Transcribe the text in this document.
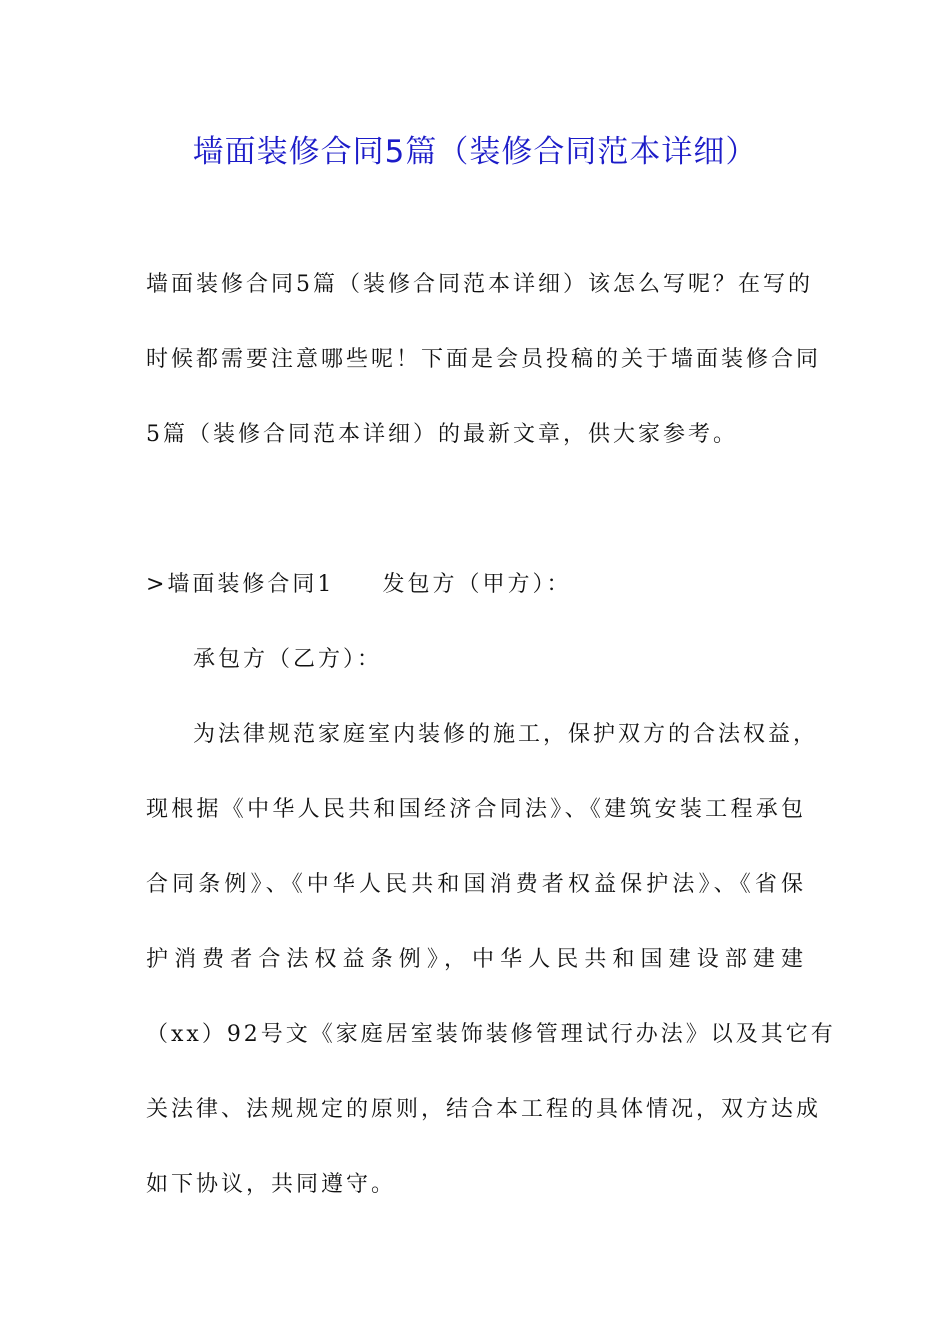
墙面装修合同5篇（装修合同范本详细）
墙面装修合同5篇（装修合同范本详细）该怎么写呢？在写的
时候都需要注意哪些呢！下面是会员投稿的关于墙面装修合同
5篇（装修合同范本详细）的最新文章，供大家参考。
>墙面装修合同1 发包方（甲方）：
承包方（乙方）：
为法律规范家庭室内装修的施工，保护双方的合法权益，
现根据《中华人民共和国经济合同法》、《建筑安装工程承包
合同条例》、《中华人民共和国消费者权益保护法》、《省保
护消费者合法权益条例》，中华人民共和国建设部建建
（xx）92号文《家庭居室装饰装修管理试行办法》以及其它有
关法律、法规规定的原则，结合本工程的具体情况，双方达成
如下协议，共同遵守。
